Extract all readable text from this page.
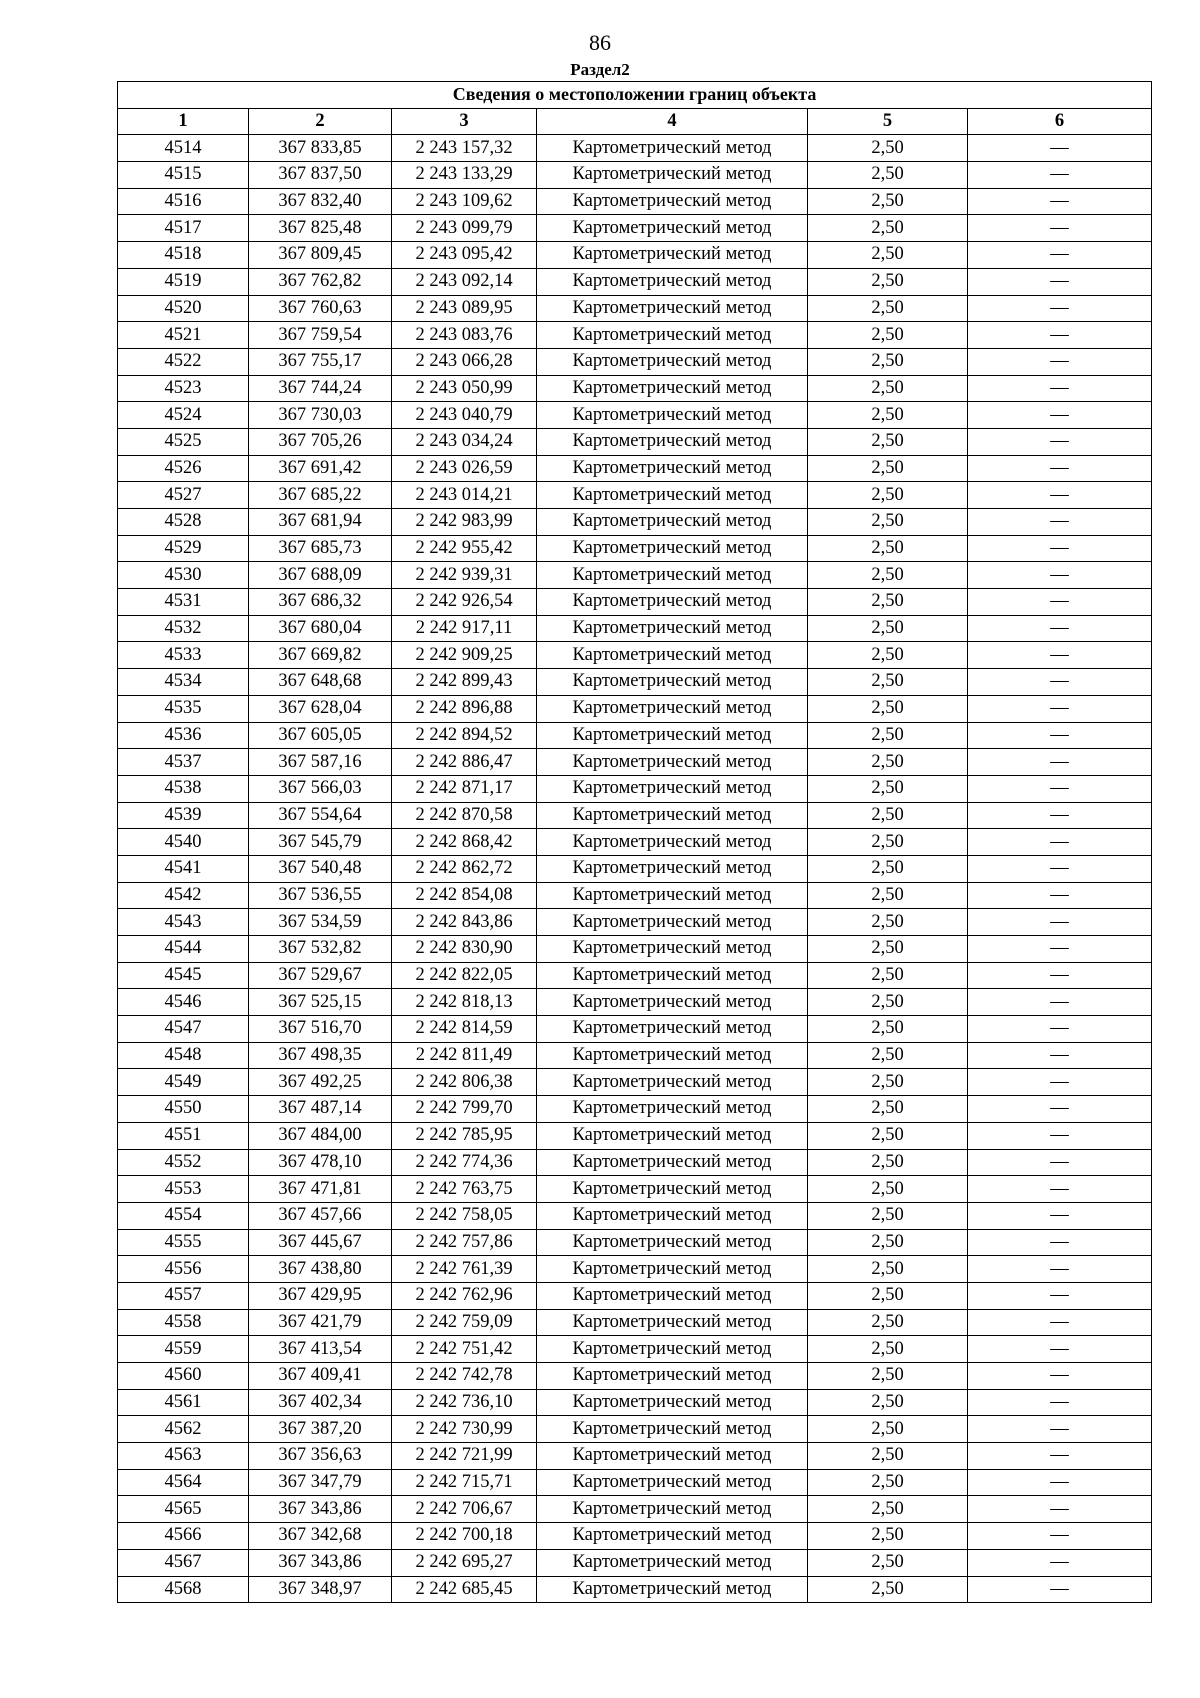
86
Раздел2
Сведения о местоположении границ объекта					
1	2	3	4	5	6
4514	367 833,85	2 243 157,32	Картометрический метод	2,50	—
4515	367 837,50	2 243 133,29	Картометрический метод	2,50	—
4516	367 832,40	2 243 109,62	Картометрический метод	2,50	—
4517	367 825,48	2 243 099,79	Картометрический метод	2,50	—
4518	367 809,45	2 243 095,42	Картометрический метод	2,50	—
4519	367 762,82	2 243 092,14	Картометрический метод	2,50	—
4520	367 760,63	2 243 089,95	Картометрический метод	2,50	—
4521	367 759,54	2 243 083,76	Картометрический метод	2,50	—
4522	367 755,17	2 243 066,28	Картометрический метод	2,50	—
4523	367 744,24	2 243 050,99	Картометрический метод	2,50	—
4524	367 730,03	2 243 040,79	Картометрический метод	2,50	—
4525	367 705,26	2 243 034,24	Картометрический метод	2,50	—
4526	367 691,42	2 243 026,59	Картометрический метод	2,50	—
4527	367 685,22	2 243 014,21	Картометрический метод	2,50	—
4528	367 681,94	2 242 983,99	Картометрический метод	2,50	—
4529	367 685,73	2 242 955,42	Картометрический метод	2,50	—
4530	367 688,09	2 242 939,31	Картометрический метод	2,50	—
4531	367 686,32	2 242 926,54	Картометрический метод	2,50	—
4532	367 680,04	2 242 917,11	Картометрический метод	2,50	—
4533	367 669,82	2 242 909,25	Картометрический метод	2,50	—
4534	367 648,68	2 242 899,43	Картометрический метод	2,50	—
4535	367 628,04	2 242 896,88	Картометрический метод	2,50	—
4536	367 605,05	2 242 894,52	Картометрический метод	2,50	—
4537	367 587,16	2 242 886,47	Картометрический метод	2,50	—
4538	367 566,03	2 242 871,17	Картометрический метод	2,50	—
4539	367 554,64	2 242 870,58	Картометрический метод	2,50	—
4540	367 545,79	2 242 868,42	Картометрический метод	2,50	—
4541	367 540,48	2 242 862,72	Картометрический метод	2,50	—
4542	367 536,55	2 242 854,08	Картометрический метод	2,50	—
4543	367 534,59	2 242 843,86	Картометрический метод	2,50	—
4544	367 532,82	2 242 830,90	Картометрический метод	2,50	—
4545	367 529,67	2 242 822,05	Картометрический метод	2,50	—
4546	367 525,15	2 242 818,13	Картометрический метод	2,50	—
4547	367 516,70	2 242 814,59	Картометрический метод	2,50	—
4548	367 498,35	2 242 811,49	Картометрический метод	2,50	—
4549	367 492,25	2 242 806,38	Картометрический метод	2,50	—
4550	367 487,14	2 242 799,70	Картометрический метод	2,50	—
4551	367 484,00	2 242 785,95	Картометрический метод	2,50	—
4552	367 478,10	2 242 774,36	Картометрический метод	2,50	—
4553	367 471,81	2 242 763,75	Картометрический метод	2,50	—
4554	367 457,66	2 242 758,05	Картометрический метод	2,50	—
4555	367 445,67	2 242 757,86	Картометрический метод	2,50	—
4556	367 438,80	2 242 761,39	Картометрический метод	2,50	—
4557	367 429,95	2 242 762,96	Картометрический метод	2,50	—
4558	367 421,79	2 242 759,09	Картометрический метод	2,50	—
4559	367 413,54	2 242 751,42	Картометрический метод	2,50	—
4560	367 409,41	2 242 742,78	Картометрический метод	2,50	—
4561	367 402,34	2 242 736,10	Картометрический метод	2,50	—
4562	367 387,20	2 242 730,99	Картометрический метод	2,50	—
4563	367 356,63	2 242 721,99	Картометрический метод	2,50	—
4564	367 347,79	2 242 715,71	Картометрический метод	2,50	—
4565	367 343,86	2 242 706,67	Картометрический метод	2,50	—
4566	367 342,68	2 242 700,18	Картометрический метод	2,50	—
4567	367 343,86	2 242 695,27	Картометрический метод	2,50	—
4568	367 348,97	2 242 685,45	Картометрический метод	2,50	—
